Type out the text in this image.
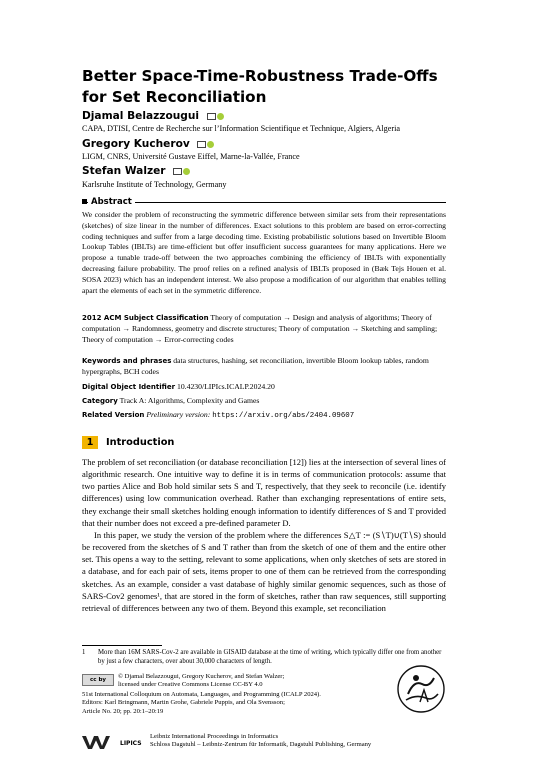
Better Space-Time-Robustness Trade-Offs for Set Reconciliation
Djamal Belazzougui
CAPA, DTISI, Centre de Recherche sur l’Information Scientifique et Technique, Algiers, Algeria
Gregory Kucherov
LIGM, CNRS, Université Gustave Eiffel, Marne-la-Vallée, France
Stefan Walzer
Karlsruhe Institute of Technology, Germany
Abstract
We consider the problem of reconstructing the symmetric difference between similar sets from their representations (sketches) of size linear in the number of differences. Exact solutions to this problem are based on error-correcting coding techniques and suffer from a large decoding time. Existing probabilistic solutions based on Invertible Bloom Lookup Tables (IBLTs) are time-efficient but offer insufficient success guarantees for many applications. Here we propose a tunable trade-off between the two approaches combining the efficiency of IBLTs with exponentially decreasing failure probability. The proof relies on a refined analysis of IBLTs proposed in (Bæk Tejs Houen et al. SOSA 2023) which has an independent interest. We also propose a modification of our algorithm that enables telling apart the elements of each set in the symmetric difference.
2012 ACM Subject Classification Theory of computation → Design and analysis of algorithms; Theory of computation → Randomness, geometry and discrete structures; Theory of computation → Sketching and sampling; Theory of computation → Error-correcting codes
Keywords and phrases data structures, hashing, set reconciliation, invertible Bloom lookup tables, random hypergraphs, BCH codes
Digital Object Identifier 10.4230/LIPIcs.ICALP.2024.20
Category Track A: Algorithms, Complexity and Games
Related Version Preliminary version: https://arxiv.org/abs/2404.09607
1 Introduction

The problem of set reconciliation (or database reconciliation [12]) lies at the intersection of several lines of algorithmic research. One intuitive way to define it is in terms of communication protocols: assume that two parties Alice and Bob hold similar sets S and T, respectively, that they seek to reconcile (i.e. identify differences) using low communication overhead. Rather than exchanging representations of entire sets, they exchange their small sketches holding enough information to identify differences of S and T provided that their number does not exceed a pre-defined parameter D.

In this paper, we study the version of the problem where the differences S△T := (S∖T)∪(T∖S) should be recovered from the sketches of S and T rather than from the sketch of one of them and the entire other set. This opens a way to the setting, relevant to some applications, when only sketches of sets are stored in a database, and for each pair of sets, items proper to one of them can be retrieved from the corresponding sketches. As an example, consider a vast database of highly similar genomic sequences, such as those of SARS-Cov2 genomes¹, that are stored in the form of sketches, rather than raw sequences, still supporting retrieval of differences between any two of them. Beyond this example, set reconciliation

1 More than 16M SARS-Cov-2 are available in GISAID database at the time of writing, which typically differ one from another by just a few characters, over about 30,000 characters of length.
cc by	© Djamal Belazzougui, Gregory Kucherov, and Stefan Walzer;
licensed under Creative Commons License CC-BY 4.0
51st International Colloquium on Automata, Languages, and Programming (ICALP 2024).
Editors: Karl Bringmann, Martin Grohe, Gabriele Puppis, and Ola Svensson;
Article No. 20; pp. 20:1–20:19
LIPICS
Leibniz International Proceedings in Informatics
Schloss Dagstuhl – Leibniz-Zentrum für Informatik, Dagstuhl Publishing, Germany
